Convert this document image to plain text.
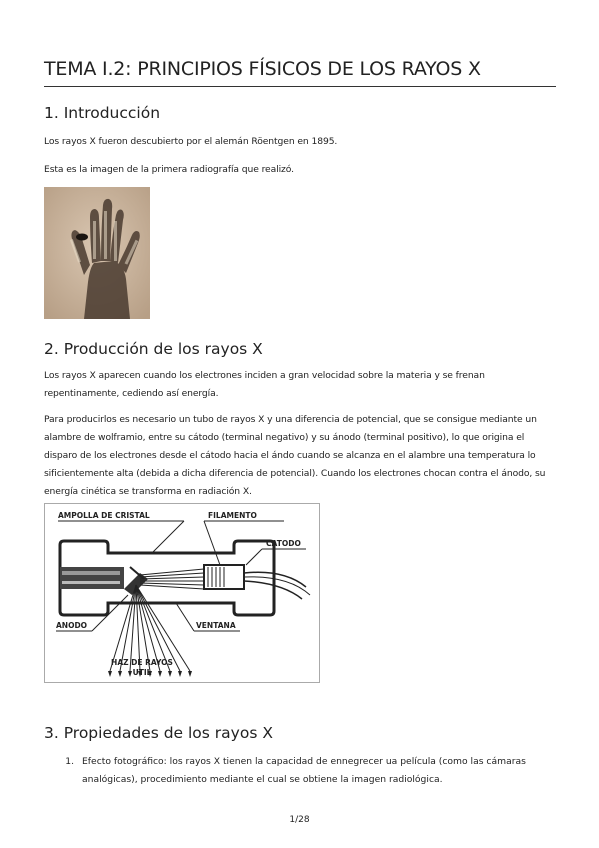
TEMA I.2: PRINCIPIOS FÍSICOS DE LOS RAYOS X
1. Introducción

Los rayos X fueron descubierto por el alemán Röentgen en 1895.

Esta es la imagen de la primera radiografía que realizó.

2. Producción de los rayos X

Los rayos X aparecen cuando los electrones inciden a gran velocidad sobre la materia y se frenan repentinamente, cediendo así energía.

Para producirlos es necesario un tubo de rayos X y una diferencia de potencial, que se consigue mediante un alambre de wolframio, entre su cátodo (terminal negativo) y su ánodo (terminal positivo), lo que origina el disparo de los electrones desde el cátodo hacia el ándo cuando se alcanza en el alambre una temperatura lo sificientemente alta (debida a dicha diferencia de potencial). Cuando los electrones chocan contra el ánodo, su energía cinética se transforma en radiación X.

AMPOLLA DE CRISTAL	FILAMENTO
CATODO
ANODO	VENTANA
HAZ DE RAYOS
UTIL
3. Propiedades de los rayos X
1. Efecto fotográfico: los rayos X tienen la capacidad de ennegrecer ua película (como las cámaras analógicas), procedimiento mediante el cual se obtiene la imagen radiológica.
1/28
